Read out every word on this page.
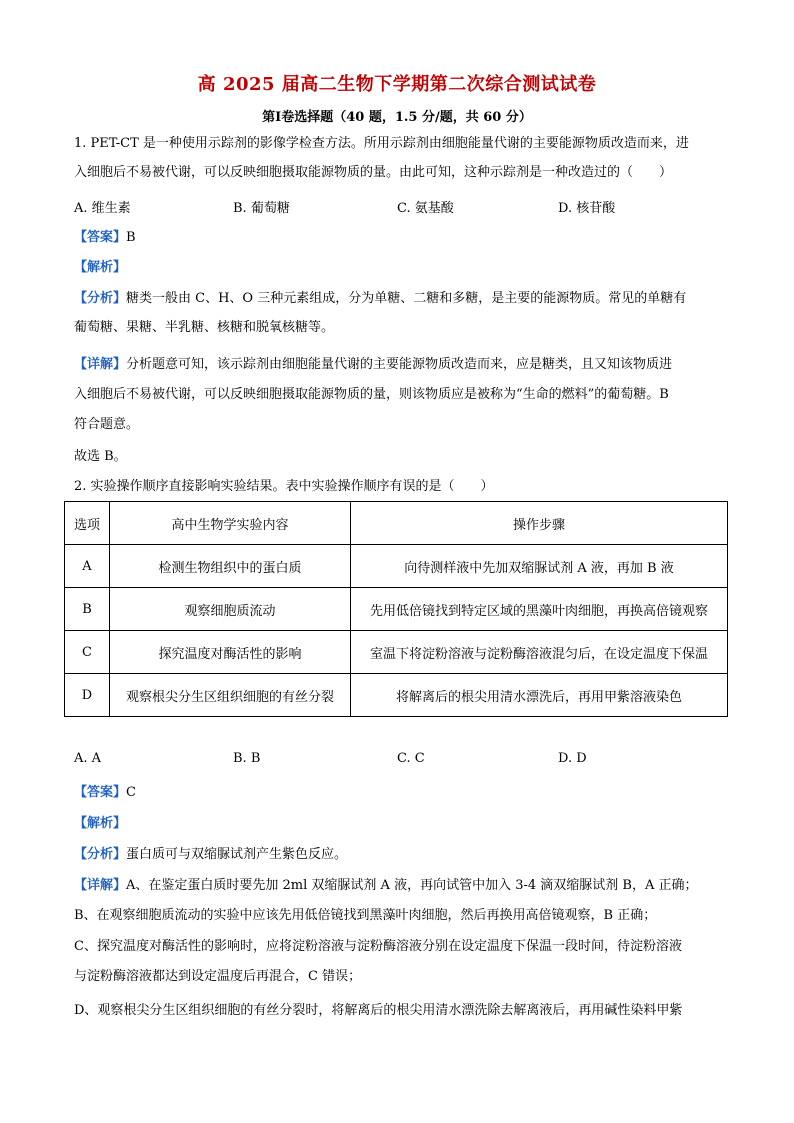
高 2025 届高二生物下学期第二次综合测试试卷
第Ⅰ卷选择题（40 题，1.5 分/题，共 60 分）
1. PET-CT 是一种使用示踪剂的影像学检查方法。所用示踪剂由细胞能量代谢的主要能源物质改造而来，进
入细胞后不易被代谢，可以反映细胞摄取能源物质的量。由此可知，这种示踪剂是一种改造过的（　　）
A. 维生素	B. 葡萄糖	C. 氨基酸	D. 核苷酸
【答案】B
【解析】
【分析】糖类一般由 C、H、O 三种元素组成，分为单糖、二糖和多糖，是主要的能源物质。常见的单糖有
葡萄糖、果糖、半乳糖、核糖和脱氧核糖等。
【详解】分析题意可知，该示踪剂由细胞能量代谢的主要能源物质改造而来，应是糖类，且又知该物质进
入细胞后不易被代谢，可以反映细胞摄取能源物质的量，则该物质应是被称为“生命的燃料”的葡萄糖。B
符合题意。
故选 B。
2. 实验操作顺序直接影响实验结果。表中实验操作顺序有误的是（　　）
选项	高中生物学实验内容	操作步骤
A	检测生物组织中的蛋白质	向待测样液中先加双缩脲试剂 A 液，再加 B 液
B	观察细胞质流动	先用低倍镜找到特定区域的黑藻叶肉细胞，再换高倍镜观察
C	探究温度对酶活性的影响	室温下将淀粉溶液与淀粉酶溶液混匀后，在设定温度下保温
D	观察根尖分生区组织细胞的有丝分裂	将解离后的根尖用清水漂洗后，再用甲紫溶液染色
A. A	B. B	C. C	D. D
【答案】C
【解析】
【分析】蛋白质可与双缩脲试剂产生紫色反应。
【详解】A、在鉴定蛋白质时要先加 2ml 双缩脲试剂 A 液，再向试管中加入 3-4 滴双缩脲试剂 B，A 正确；
B、在观察细胞质流动的实验中应该先用低倍镜找到黑藻叶肉细胞，然后再换用高倍镜观察，B 正确；
C、探究温度对酶活性的影响时，应将淀粉溶液与淀粉酶溶液分别在设定温度下保温一段时间，待淀粉溶液
与淀粉酶溶液都达到设定温度后再混合，C 错误；
D、观察根尖分生区组织细胞的有丝分裂时，将解离后的根尖用清水漂洗除去解离液后，再用碱性染料甲紫
